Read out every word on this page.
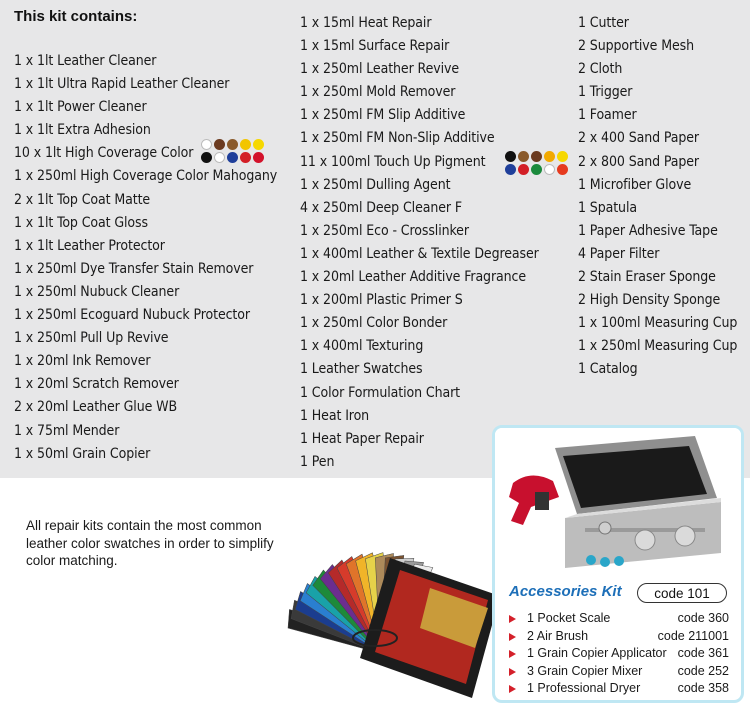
This kit contains:
1 x 1lt Leather Cleaner
1 x 1lt Ultra Rapid Leather Cleaner
1 x 1lt Power Cleaner
1 x 1lt Extra Adhesion
10 x 1lt High Coverage Color
1 x 250ml High Coverage Color Mahogany
2 x 1lt Top Coat Matte
1 x 1lt Top Coat Gloss
1 x 1lt Leather Protector
1 x 250ml Dye Transfer Stain Remover
1 x 250ml Nubuck Cleaner
1 x 250ml Ecoguard Nubuck Protector
1 x 250ml Pull Up Revive
1 x 20ml Ink Remover
1 x 20ml Scratch Remover
2 x 20ml Leather Glue WB
1 x 75ml Mender
1 x 50ml Grain Copier
1 x 15ml Heat Repair
1 x 15ml Surface Repair
1 x 250ml Leather Revive
1 x 250ml Mold Remover
1 x 250ml FM Slip Additive
1 x 250ml FM Non-Slip Additive
11 x 100ml Touch Up Pigment
1 x 250ml Dulling Agent
4 x 250ml Deep Cleaner F
1 x 250ml Eco - Crosslinker
1 x 400ml Leather & Textile Degreaser
1 x 20ml Leather Additive Fragrance
1 x 200ml Plastic Primer S
1 x 250ml Color Bonder
1 x 400ml Texturing
1 Leather Swatches
1 Color Formulation Chart
1 Heat Iron
1 Heat Paper Repair
1 Pen
1 Cutter
2 Supportive Mesh
2 Cloth
1 Trigger
1 Foamer
2 x 400 Sand Paper
2 x 800 Sand Paper
1 Microfiber Glove
1 Spatula
1 Paper Adhesive Tape
4 Paper Filter
2 Stain Eraser Sponge
2 High Density Sponge
1 x 100ml Measuring Cup
1 x 250ml Measuring Cup
1 Catalog
All repair kits contain the most common leather color swatches in order to simplify color matching.
Accessories Kit	code 101
1 Pocket Scale	code 360
2 Air Brush	code 211001
1 Grain Copier Applicator code 361
3 Grain Copier Mixer	code 252
1 Professional Dryer	code 358
